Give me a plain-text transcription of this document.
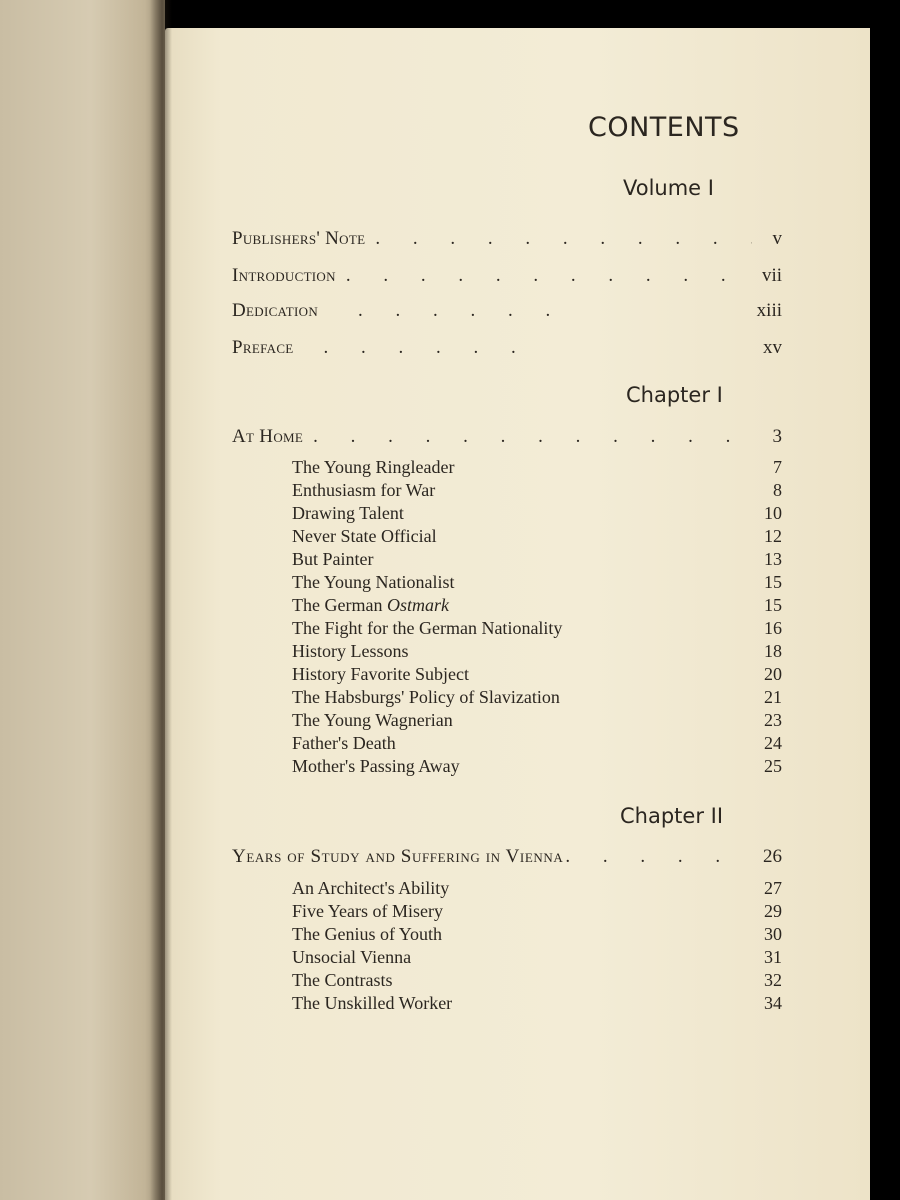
CONTENTS
Volume I
Publishers' Note . . .	v
Introduction . . .	vii
Dedication . . .	xiii
Preface . . .	xv
Chapter I
At Home . . .	3
The Young Ringleader	7
Enthusiasm for War	8
Drawing Talent	10
Never State Official	12
But Painter	13
The Young Nationalist	15
The German Ostmark	15
The Fight for the German Nationality	16
History Lessons	18
History Favorite Subject	20
The Habsburgs' Policy of Slavization	21
The Young Wagnerian	23
Father's Death	24
Mother's Passing Away	25
Chapter II
Years of Study and Suffering in Vienna . . .	26
An Architect's Ability	27
Five Years of Misery	29
The Genius of Youth	30
Unsocial Vienna	31
The Contrasts	32
The Unskilled Worker	34
